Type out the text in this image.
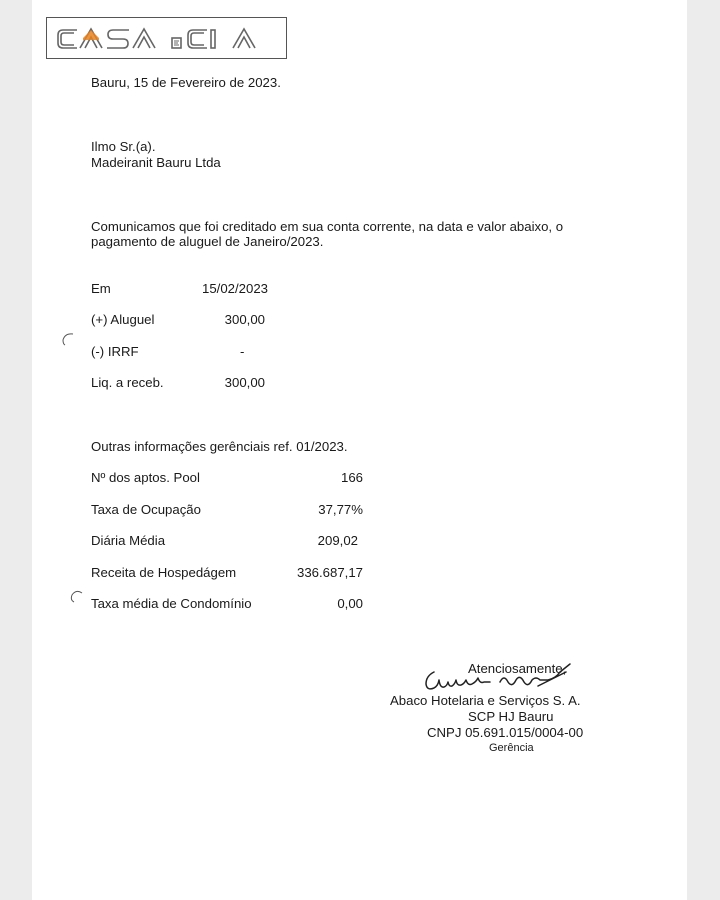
Bauru, 15 de Fevereiro de 2023.
Ilmo Sr.(a).
Madeiranit Bauru Ltda
Comunicamos que foi creditado em sua conta corrente, na data e valor abaixo, o
pagamento de aluguel de Janeiro/2023.
Em	15/02/2023
(+) Aluguel	300,00
(-) IRRF	-
Liq. a receb.	300,00
Outras informações gerênciais ref. 01/2023.
Nº dos aptos. Pool	166
Taxa de Ocupação	37,77%
Diária Média	209,02
Receita de Hospedágem	336.687,17
Taxa média de Condomínio	0,00
Atenciosamente,
Abaco Hotelaria e Serviços S. A.
SCP HJ Bauru
CNPJ 05.691.015/0004-00
Gerência
